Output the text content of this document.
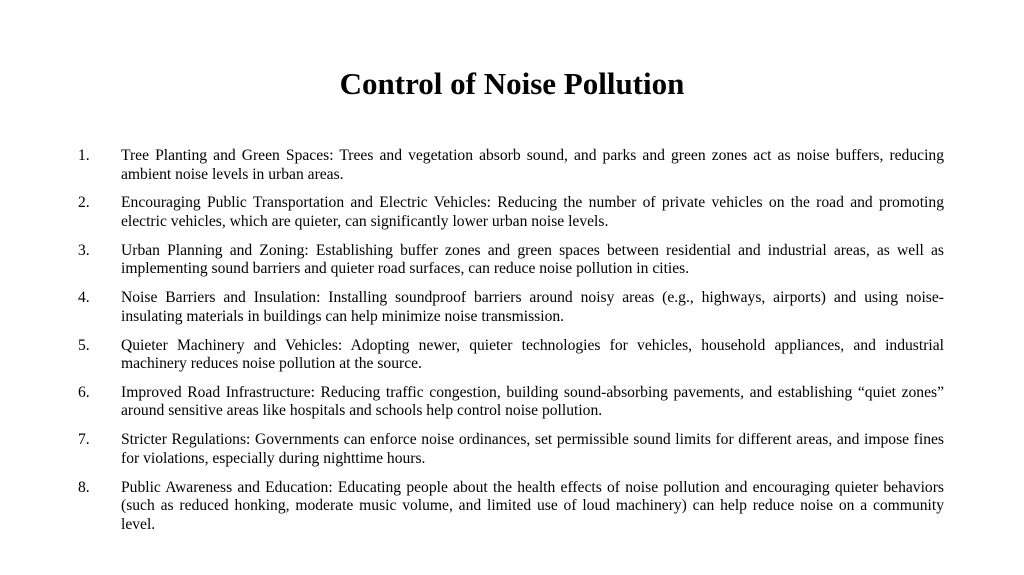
Control of Noise Pollution
1.	Tree Planting and Green Spaces: Trees and vegetation absorb sound, and parks and green zones act as noise buffers, reducing ambient noise levels in urban areas.
2.	Encouraging Public Transportation and Electric Vehicles: Reducing the number of private vehicles on the road and promoting electric vehicles, which are quieter, can significantly lower urban noise levels.
3.	Urban Planning and Zoning: Establishing buffer zones and green spaces between residential and industrial areas, as well as implementing sound barriers and quieter road surfaces, can reduce noise pollution in cities.
4.	Noise Barriers and Insulation: Installing soundproof barriers around noisy areas (e.g., highways, airports) and using noise-insulating materials in buildings can help minimize noise transmission.
5.	Quieter Machinery and Vehicles: Adopting newer, quieter technologies for vehicles, household appliances, and industrial machinery reduces noise pollution at the source.
6.	Improved Road Infrastructure: Reducing traffic congestion, building sound-absorbing pavements, and establishing “quiet zones” around sensitive areas like hospitals and schools help control noise pollution.
7.	Stricter Regulations: Governments can enforce noise ordinances, set permissible sound limits for different areas, and impose fines for violations, especially during nighttime hours.
8.	Public Awareness and Education: Educating people about the health effects of noise pollution and encouraging quieter behaviors (such as reduced honking, moderate music volume, and limited use of loud machinery) can help reduce noise on a community level.
